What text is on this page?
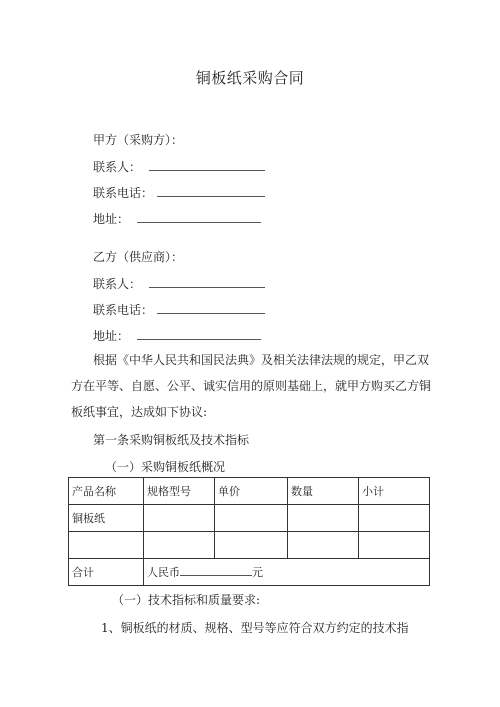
铜板纸采购合同
甲方（采购方）：
联系人：
联系电话：
地址：
乙方（供应商）：
联系人：
联系电话：
地址：

根据《中华人民共和国民法典》及相关法律法规的规定，甲乙双方在平等、自愿、公平、诚实信用的原则基础上，就甲方购买乙方铜板纸事宜，达成如下协议:

第一条采购铜板纸及技术指标
（一）采购铜板纸概况
产品名称	规格型号	单价	数量	小计
铜板纸				

合计	人民币 元			
（一）技术指标和质量要求:
1、铜板纸的材质、规格、型号等应符合双方约定的技术指
